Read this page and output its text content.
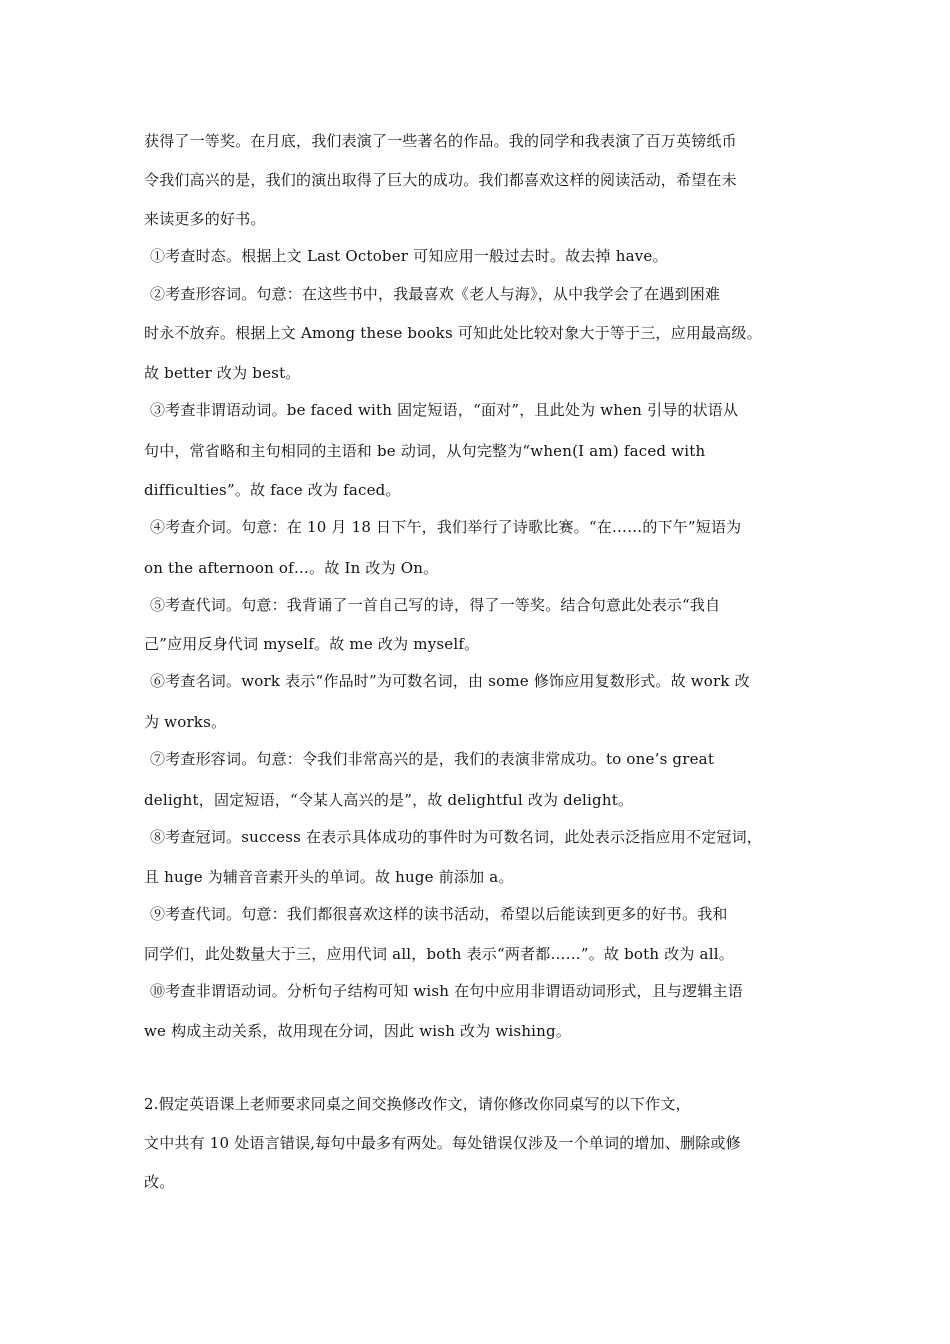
获得了一等奖。在月底，我们表演了一些著名的作品。我的同学和我表演了百万英镑纸币
令我们高兴的是，我们的演出取得了巨大的成功。我们都喜欢这样的阅读活动，希望在未
来读更多的好书。
①考查时态。根据上文 Last October 可知应用一般过去时。故去掉 have。
②考查形容词。句意：在这些书中，我最喜欢《老人与海》，从中我学会了在遇到困难
时永不放弃。根据上文 Among these books 可知此处比较对象大于等于三，应用最高级。
故 better 改为 best。
③考查非谓语动词。be faced with 固定短语，“面对”，且此处为 when 引导的状语从
句中，常省略和主句相同的主语和 be 动词，从句完整为“when(I am) faced with
difficulties”。故 face 改为 faced。
④考查介词。句意：在 10 月 18 日下午，我们举行了诗歌比赛。“在……的下午”短语为
on the afternoon of…。故 In 改为 On。
⑤考查代词。句意：我背诵了一首自己写的诗，得了一等奖。结合句意此处表示“我自
己”应用反身代词 myself。故 me 改为 myself。
⑥考查名词。work 表示“作品时”为可数名词，由 some 修饰应用复数形式。故 work 改
为 works。
⑦考查形容词。句意：令我们非常高兴的是，我们的表演非常成功。to one’s great
delight，固定短语，“令某人高兴的是”，故 delightful 改为 delight。
⑧考查冠词。success 在表示具体成功的事件时为可数名词，此处表示泛指应用不定冠词，
且 huge 为辅音音素开头的单词。故 huge 前添加 a。
⑨考查代词。句意：我们都很喜欢这样的读书活动，希望以后能读到更多的好书。我和
同学们，此处数量大于三，应用代词 all，both 表示“两者都……”。故 both 改为 all。
⑩考查非谓语动词。分析句子结构可知 wish 在句中应用非谓语动词形式，且与逻辑主语
we 构成主动关系，故用现在分词，因此 wish 改为 wishing。
2.假定英语课上老师要求同桌之间交换修改作文，请你修改你同桌写的以下作文，
文中共有 10 处语言错误,每句中最多有两处。每处错误仅涉及一个单词的增加、删除或修
改。
